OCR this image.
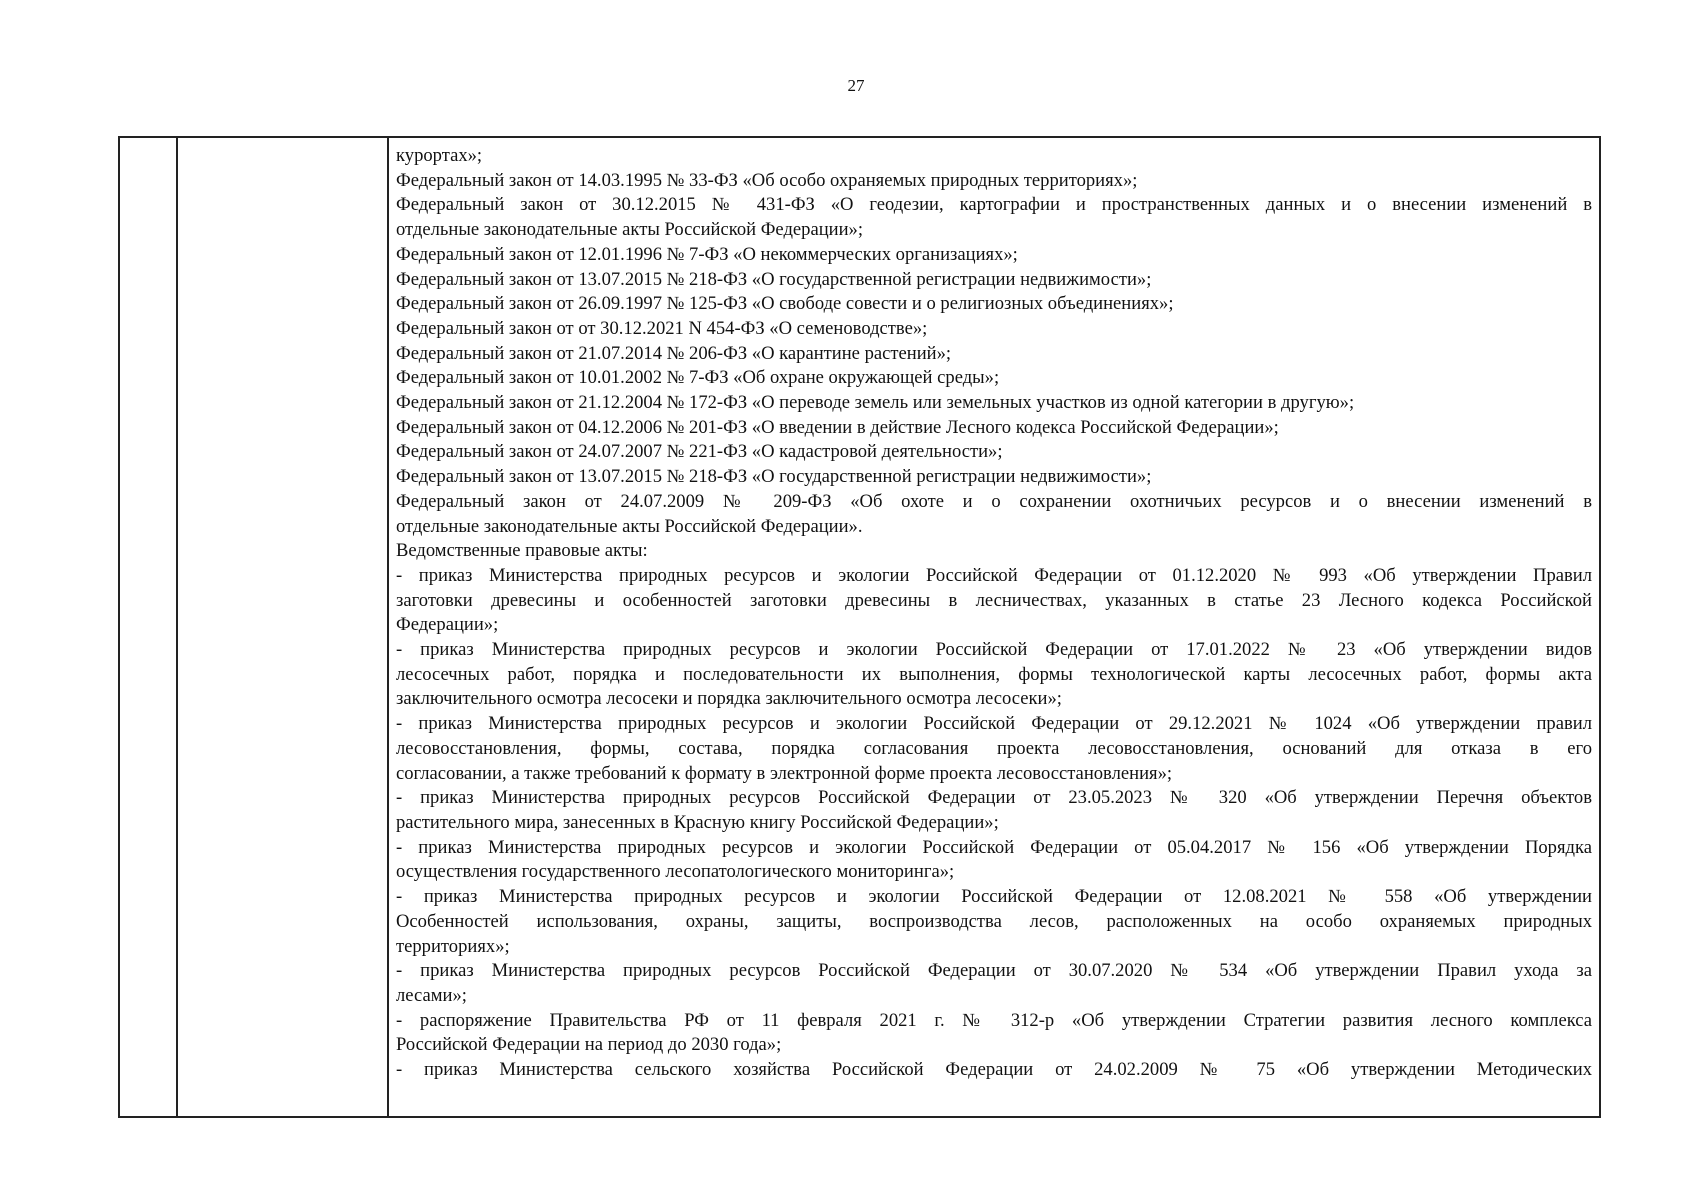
27
курортах»;
Федеральный закон от 14.03.1995 № 33-ФЗ «Об особо охраняемых природных территориях»;
Федеральный закон от 30.12.2015 № 431-ФЗ «О геодезии, картографии и пространственных данных и о внесении изменений в
отдельные законодательные акты Российской Федерации»;
Федеральный закон от 12.01.1996 № 7-ФЗ «О некоммерческих организациях»;
Федеральный закон от 13.07.2015 № 218-ФЗ «О государственной регистрации недвижимости»;
Федеральный закон от 26.09.1997 № 125-ФЗ «О свободе совести и о религиозных объединениях»;
Федеральный закон от от 30.12.2021 N 454-ФЗ «О семеноводстве»;
Федеральный закон от 21.07.2014 № 206-ФЗ «О карантине растений»;
Федеральный закон от 10.01.2002 № 7-ФЗ «Об охране окружающей среды»;
Федеральный закон от 21.12.2004 № 172-ФЗ «О переводе земель или земельных участков из одной категории в другую»;
Федеральный закон от 04.12.2006 № 201-ФЗ «О введении в действие Лесного кодекса Российской Федерации»;
Федеральный закон от 24.07.2007 № 221-ФЗ «О кадастровой деятельности»;
Федеральный закон от 13.07.2015 № 218-ФЗ «О государственной регистрации недвижимости»;
Федеральный закон от 24.07.2009 № 209-ФЗ «Об охоте и о сохранении охотничьих ресурсов и о внесении изменений в
отдельные законодательные акты Российской Федерации».
Ведомственные правовые акты:
- приказ Министерства природных ресурсов и экологии Российской Федерации от 01.12.2020 № 993 «Об утверждении Правил
заготовки древесины и особенностей заготовки древесины в лесничествах, указанных в статье 23 Лесного кодекса Российской
Федерации»;
- приказ Министерства природных ресурсов и экологии Российской Федерации от 17.01.2022 № 23 «Об утверждении видов
лесосечных работ, порядка и последовательности их выполнения, формы технологической карты лесосечных работ, формы акта
заключительного осмотра лесосеки и порядка заключительного осмотра лесосеки»;
- приказ Министерства природных ресурсов и экологии Российской Федерации от 29.12.2021 № 1024 «Об утверждении правил
лесовосстановления, формы, состава, порядка согласования проекта лесовосстановления, оснований для отказа в его
согласовании, а также требований к формату в электронной форме проекта лесовосстановления»;
- приказ Министерства природных ресурсов Российской Федерации от 23.05.2023 № 320 «Об утверждении Перечня объектов
растительного мира, занесенных в Красную книгу Российской Федерации»;
- приказ Министерства природных ресурсов и экологии Российской Федерации от 05.04.2017 № 156 «Об утверждении Порядка
осуществления государственного лесопатологического мониторинга»;
- приказ Министерства природных ресурсов и экологии Российской Федерации от 12.08.2021 № 558 «Об утверждении
Особенностей использования, охраны, защиты, воспроизводства лесов, расположенных на особо охраняемых природных
территориях»;
- приказ Министерства природных ресурсов Российской Федерации от 30.07.2020 № 534 «Об утверждении Правил ухода за
лесами»;
- распоряжение Правительства РФ от 11 февраля 2021 г. № 312-р «Об утверждении Стратегии развития лесного комплекса
Российской Федерации на период до 2030 года»;
- приказ Министерства сельского хозяйства Российской Федерации от 24.02.2009 № 75 «Об утверждении Методических
